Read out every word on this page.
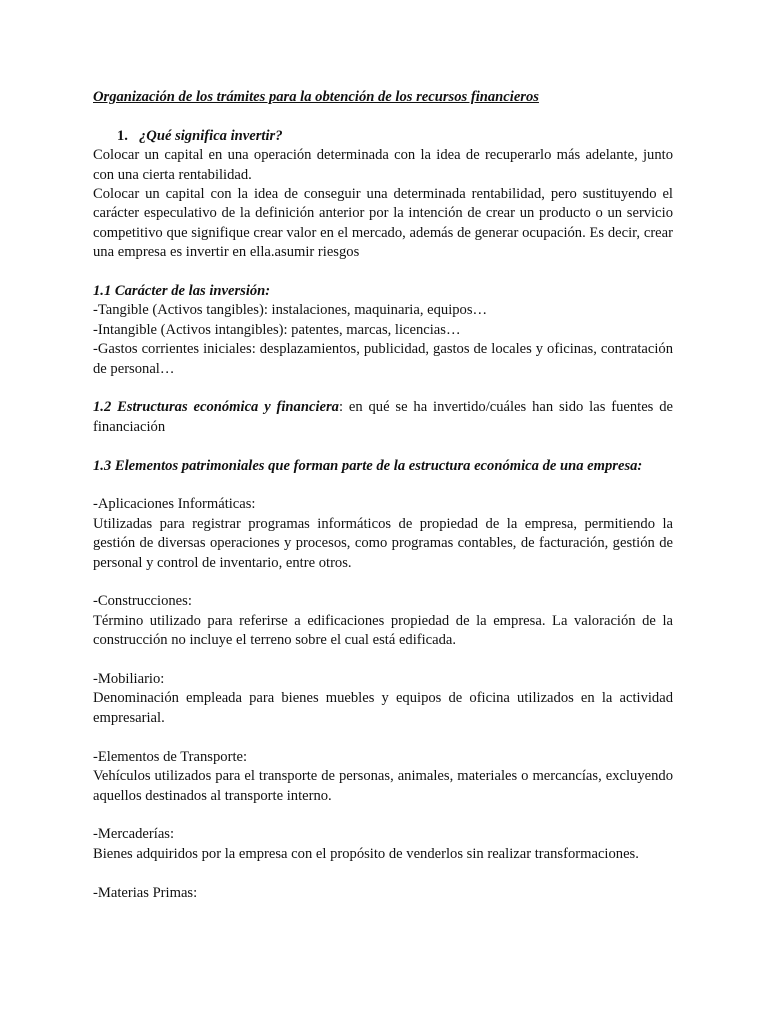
Organización de los trámites para la obtención de los recursos financieros

1. ¿Qué significa invertir?

Colocar un capital en una operación determinada con la idea de recuperarlo más adelante, junto con una cierta rentabilidad.

Colocar un capital con la idea de conseguir una determinada rentabilidad, pero sustituyendo el carácter especulativo de la definición anterior por la intención de crear un producto o un servicio competitivo que signifique crear valor en el mercado, además de generar ocupación. Es decir, crear una empresa es invertir en ella.asumir riesgos

1.1 Carácter de las inversión:

-Tangible (Activos tangibles): instalaciones, maquinaria, equipos…

-Intangible (Activos intangibles): patentes, marcas, licencias…

-Gastos corrientes iniciales: desplazamientos, publicidad, gastos de locales y oficinas, contratación de personal…

1.2 Estructuras económica y financiera: en qué se ha invertido/cuáles han sido las fuentes de financiación

1.3 Elementos patrimoniales que forman parte de la estructura económica de una empresa:

-Aplicaciones Informáticas:

Utilizadas para registrar programas informáticos de propiedad de la empresa, permitiendo la gestión de diversas operaciones y procesos, como programas contables, de facturación, gestión de personal y control de inventario, entre otros.

-Construcciones:

Término utilizado para referirse a edificaciones propiedad de la empresa. La valoración de la construcción no incluye el terreno sobre el cual está edificada.

-Mobiliario:

Denominación empleada para bienes muebles y equipos de oficina utilizados en la actividad empresarial.

-Elementos de Transporte:

Vehículos utilizados para el transporte de personas, animales, materiales o mercancías, excluyendo aquellos destinados al transporte interno.

-Mercaderías:

Bienes adquiridos por la empresa con el propósito de venderlos sin realizar transformaciones.

-Materias Primas:
